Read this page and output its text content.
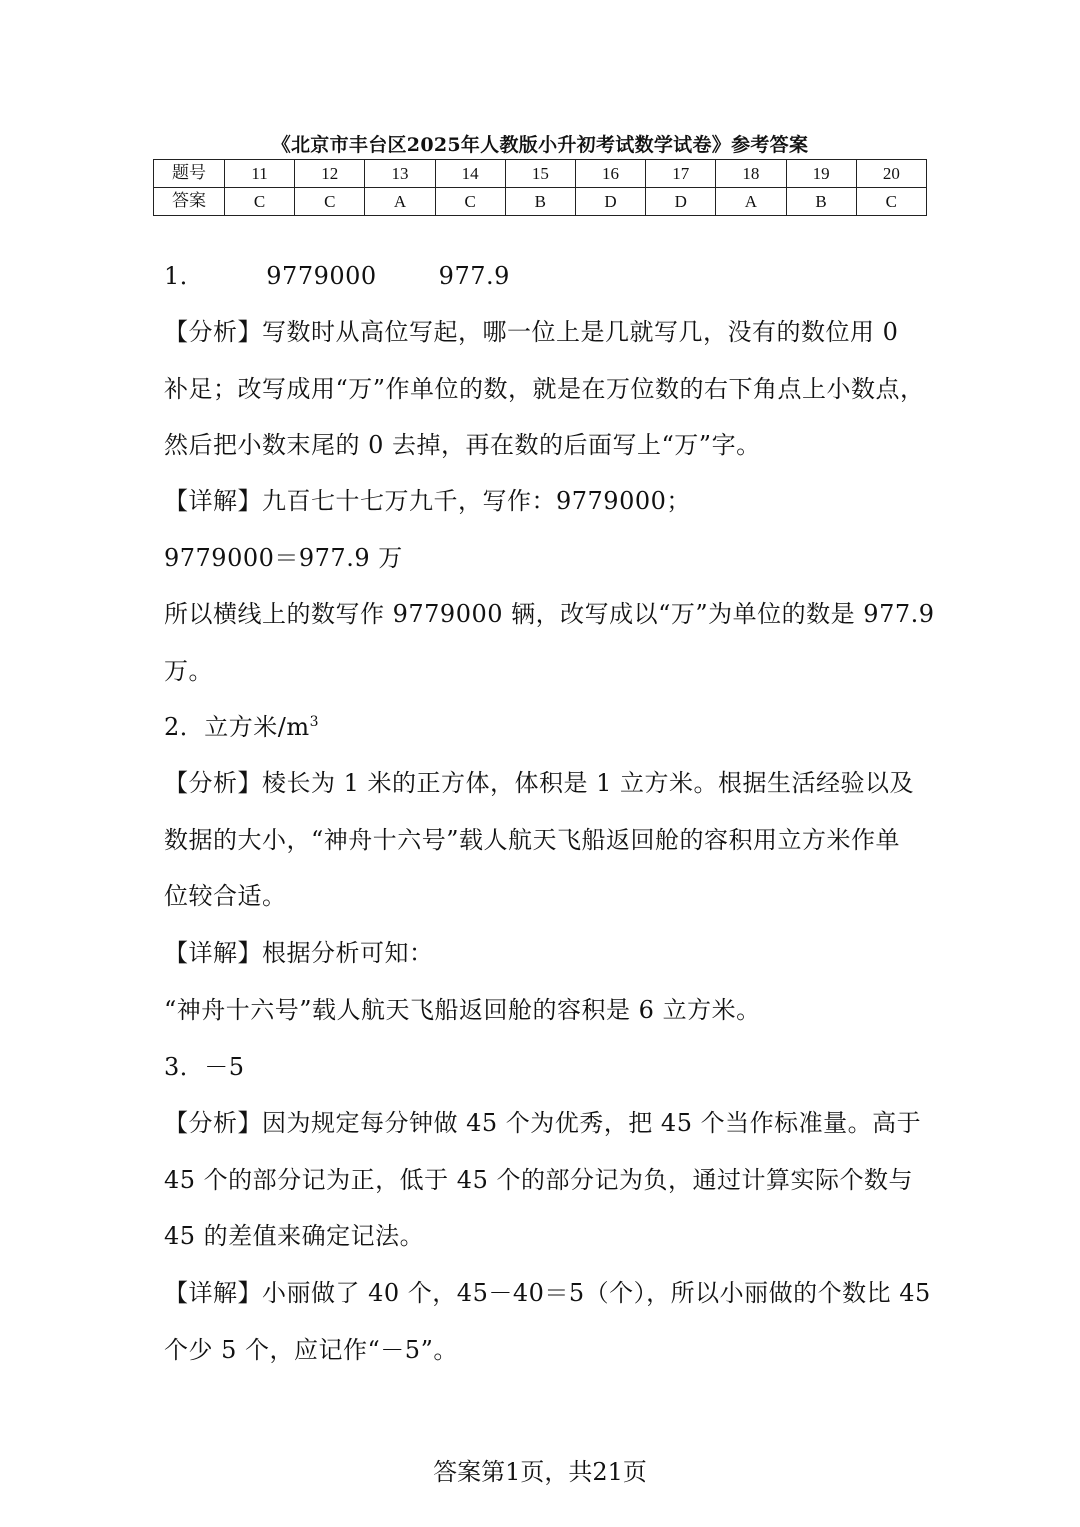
《北京市丰台区2025年人教版小升初考试数学试卷》参考答案
题号	11	12	13	14	15	16	17	18	19	20
答案	C	C	A	C	B	D	D	A	B	C
1．	9779000	977.9
【分析】写数时从高位写起，哪一位上是几就写几，没有的数位用 0
补足；改写成用“万”作单位的数，就是在万位数的右下角点上小数点，
然后把小数末尾的 0 去掉，再在数的后面写上“万”字。
【详解】九百七十七万九千，写作：9779000；
9779000＝977.9 万
所以横线上的数写作 9779000 辆，改写成以“万”为单位的数是 977.9
万。
2．立方米$/m^3$
【分析】棱长为 1 米的正方体，体积是 1 立方米。根据生活经验以及
数据的大小，“神舟十六号”载人航天飞船返回舱的容积用立方米作单
位较合适。
【详解】根据分析可知：
“神舟十六号”载人航天飞船返回舱的容积是 6 立方米。
3．－5
【分析】因为规定每分钟做 45 个为优秀，把 45 个当作标准量。高于
45 个的部分记为正，低于 45 个的部分记为负，通过计算实际个数与
45 的差值来确定记法。
【详解】小丽做了 40 个，45－40＝5（个），所以小丽做的个数比 45
个少 5 个，应记作“－5”。
答案第1页，共21页
